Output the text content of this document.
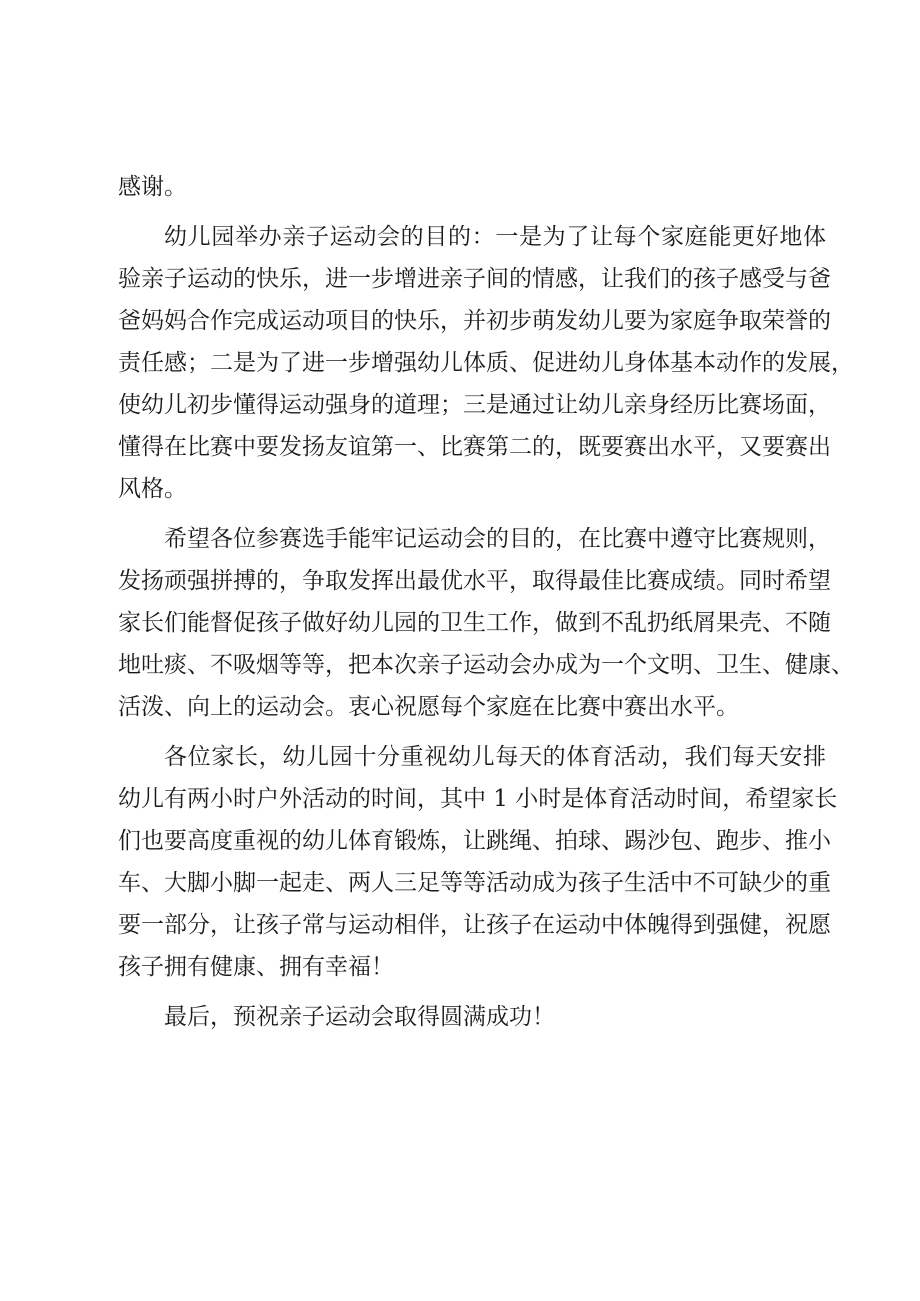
感谢。
幼儿园举办亲子运动会的目的：一是为了让每个家庭能更好地体
验亲子运动的快乐，进一步增进亲子间的情感，让我们的孩子感受与爸
爸妈妈合作完成运动项目的快乐，并初步萌发幼儿要为家庭争取荣誉的
责任感；二是为了进一步增强幼儿体质、促进幼儿身体基本动作的发展，
使幼儿初步懂得运动强身的道理；三是通过让幼儿亲身经历比赛场面，
懂得在比赛中要发扬友谊第一、比赛第二的，既要赛出水平，又要赛出
风格。
希望各位参赛选手能牢记运动会的目的，在比赛中遵守比赛规则，
发扬顽强拼搏的，争取发挥出最优水平，取得最佳比赛成绩。同时希望
家长们能督促孩子做好幼儿园的卫生工作，做到不乱扔纸屑果壳、不随
地吐痰、不吸烟等等，把本次亲子运动会办成为一个文明、卫生、健康、
活泼、向上的运动会。衷心祝愿每个家庭在比赛中赛出水平。
各位家长，幼儿园十分重视幼儿每天的体育活动，我们每天安排
幼儿有两小时户外活动的时间，其中 1 小时是体育活动时间，希望家长
们也要高度重视的幼儿体育锻炼，让跳绳、拍球、踢沙包、跑步、推小
车、大脚小脚一起走、两人三足等等活动成为孩子生活中不可缺少的重
要一部分，让孩子常与运动相伴，让孩子在运动中体魄得到强健，祝愿
孩子拥有健康、拥有幸福！
最后，预祝亲子运动会取得圆满成功！
